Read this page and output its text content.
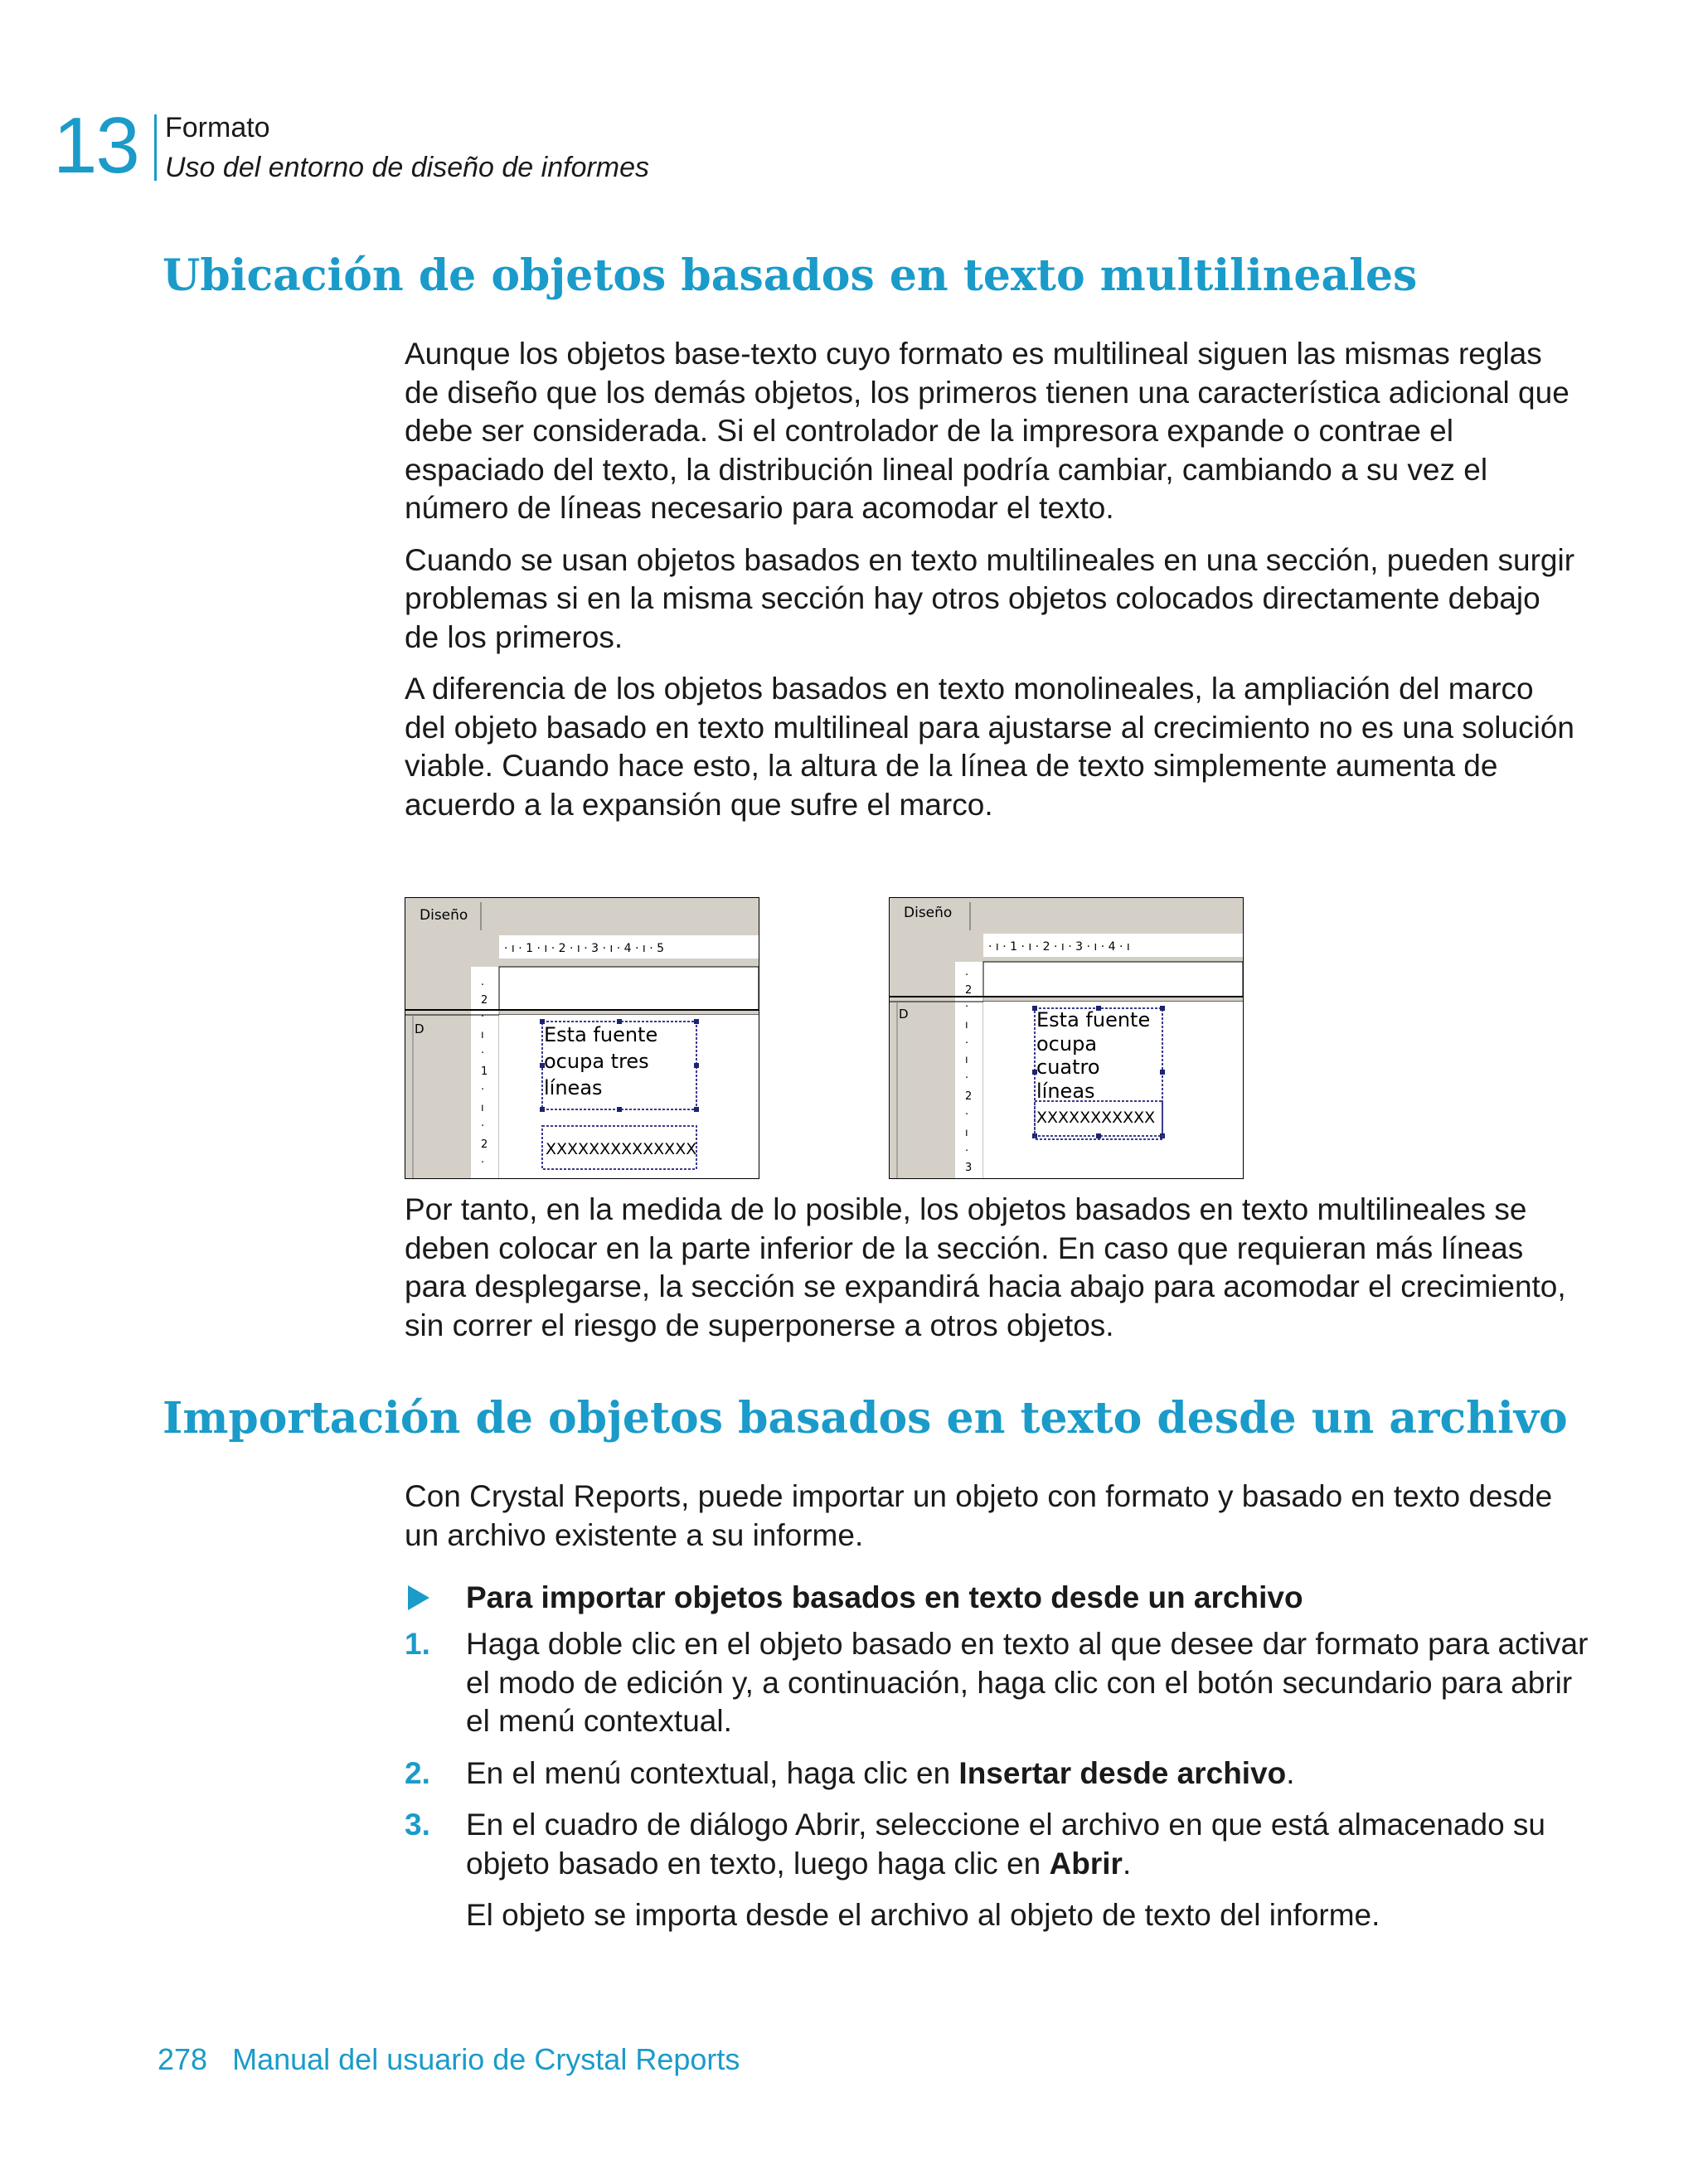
13 Formato
Uso del entorno de diseño de informes
Ubicación de objetos basados en texto multilineales

Aunque los objetos base-texto cuyo formato es multilineal siguen las mismas reglas de diseño que los demás objetos, los primeros tienen una característica adicional que debe ser considerada. Si el controlador de la impresora expande o contrae el espaciado del texto, la distribución lineal podría cambiar, cambiando a su vez el número de líneas necesario para acomodar el texto.

Cuando se usan objetos basados en texto multilineales en una sección, pueden surgir problemas si en la misma sección hay otros objetos colocados directamente debajo de los primeros.

A diferencia de los objetos basados en texto monolineales, la ampliación del marco del objeto basado en texto multilineal para ajustarse al crecimiento no es una solución viable. Cuando hace esto, la altura de la línea de texto simplemente aumenta de acuerdo a la expansión que sufre el marco.

Diseño
· ı · 1 · ı · 2 · ı · 3 · ı · 4 · ı · 5
·
2
·
ı
·
1
·
ı
·
2
·
D	Esta fuente
ocupa tres
líneas
XXXXXXXXXXXXXX
Diseño
· ı · 1 · ı · 2 · ı · 3 · ı · 4 · ı
·
2
·
ı
·
ı
·
2
·
ı
·
3
D	Esta fuente
ocupa
cuatro
líneas
XXXXXXXXXXX

Por tanto, en la medida de lo posible, los objetos basados en texto multilineales se deben colocar en la parte inferior de la sección. En caso que requieran más líneas para desplegarse, la sección se expandirá hacia abajo para acomodar el crecimiento, sin correr el riesgo de superponerse a otros objetos.

Importación de objetos basados en texto desde un archivo

Con Crystal Reports, puede importar un objeto con formato y basado en texto desde un archivo existente a su informe.

Para importar objetos basados en texto desde un archivo
1. Haga doble clic en el objeto basado en texto al que desee dar formato para activar el modo de edición y, a continuación, haga clic con el botón secundario para abrir el menú contextual.
2. En el menú contextual, haga clic en Insertar desde archivo.
3. En el cuadro de diálogo Abrir, seleccione el archivo en que está almacenado su objeto basado en texto, luego haga clic en Abrir.
El objeto se importa desde el archivo al objeto de texto del informe.
278 Manual del usuario de Crystal Reports
